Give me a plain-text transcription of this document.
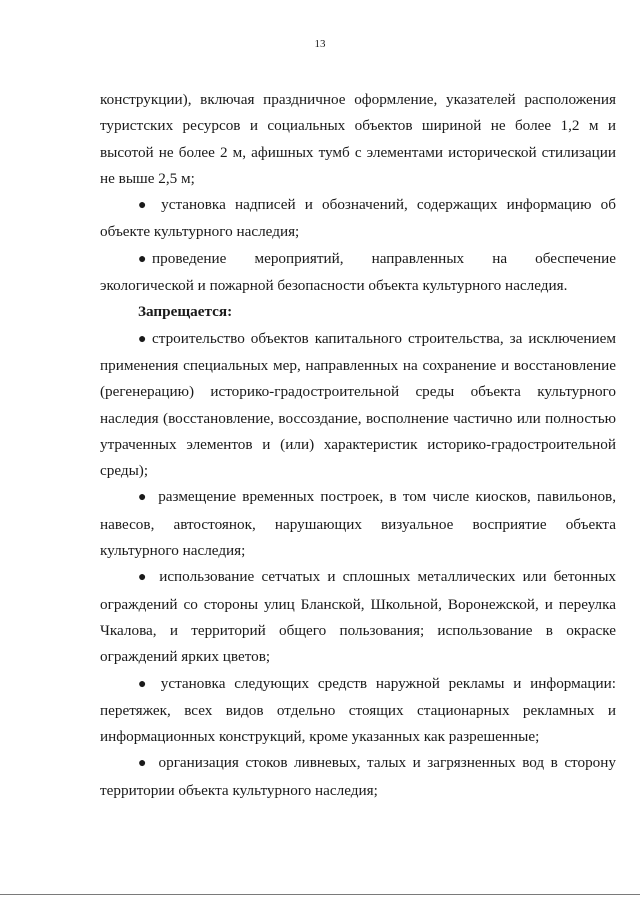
13

конструкции), включая праздничное оформление, указателей расположения туристских ресурсов и социальных объектов шириной не более 1,2 м и высотой не более 2 м, афишных тумб с элементами исторической стилизации не выше 2,5 м;

● установка надписей и обозначений, содержащих информацию об объекте культурного наследия;

● проведение мероприятий, направленных на обеспечение экологической и пожарной безопасности объекта культурного наследия.

Запрещается:

● строительство объектов капитального строительства, за исключением применения специальных мер, направленных на сохранение и восстановление (регенерацию) историко-градостроительной среды объекта культурного наследия (восстановление, воссоздание, восполнение частично или полностью утраченных элементов и (или) характеристик историко-градостроительной среды);

● размещение временных построек, в том числе киосков, павильонов, навесов, автостоянок, нарушающих визуальное восприятие объекта культурного наследия;

● использование сетчатых и сплошных металлических или бетонных ограждений со стороны улиц Бланской, Школьной, Воронежской, и переулка Чкалова, и территорий общего пользования; использование в окраске ограждений ярких цветов;

● установка следующих средств наружной рекламы и информации: перетяжек, всех видов отдельно стоящих стационарных рекламных и информационных конструкций, кроме указанных как разрешенные;

● организация стоков ливневых, талых и загрязненных вод в сторону территории объекта культурного наследия;
